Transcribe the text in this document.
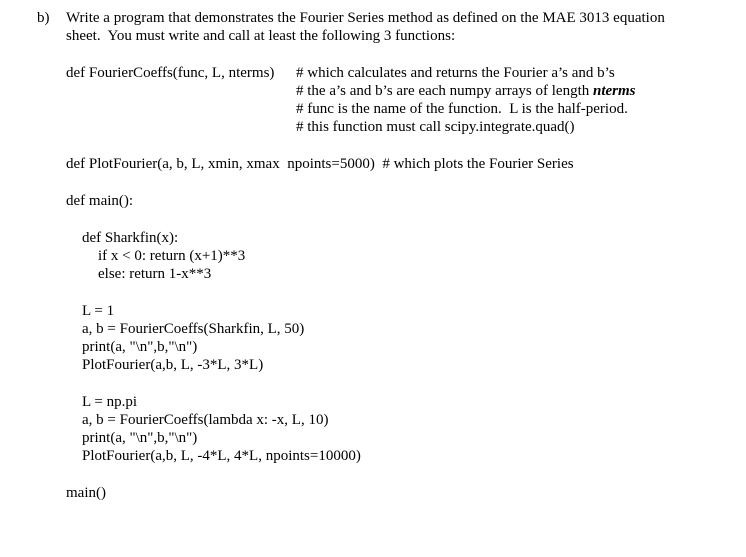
b) Write a program that demonstrates the Fourier Series method as defined on the MAE 3013 equation
sheet.  You must write and call at least the following 3 functions:
def FourierCoeffs(func, L, nterms) # which calculates and returns the Fourier a’s and b’s
# the a’s and b’s are each numpy arrays of length nterms
# func is the name of the function.  L is the half-period.
# this function must call scipy.integrate.quad()
def PlotFourier(a, b, L, xmin, xmax  npoints=5000)  # which plots the Fourier Series
def main():
def Sharkfin(x):
if x < 0: return (x+1)**3
else: return 1-x**3
L = 1
a, b = FourierCoeffs(Sharkfin, L, 50)
print(a, "\n",b,"\n")
PlotFourier(a,b, L, -3*L, 3*L)
L = np.pi
a, b = FourierCoeffs(lambda x: -x, L, 10)
print(a, "\n",b,"\n")
PlotFourier(a,b, L, -4*L, 4*L, npoints=10000)
main()
